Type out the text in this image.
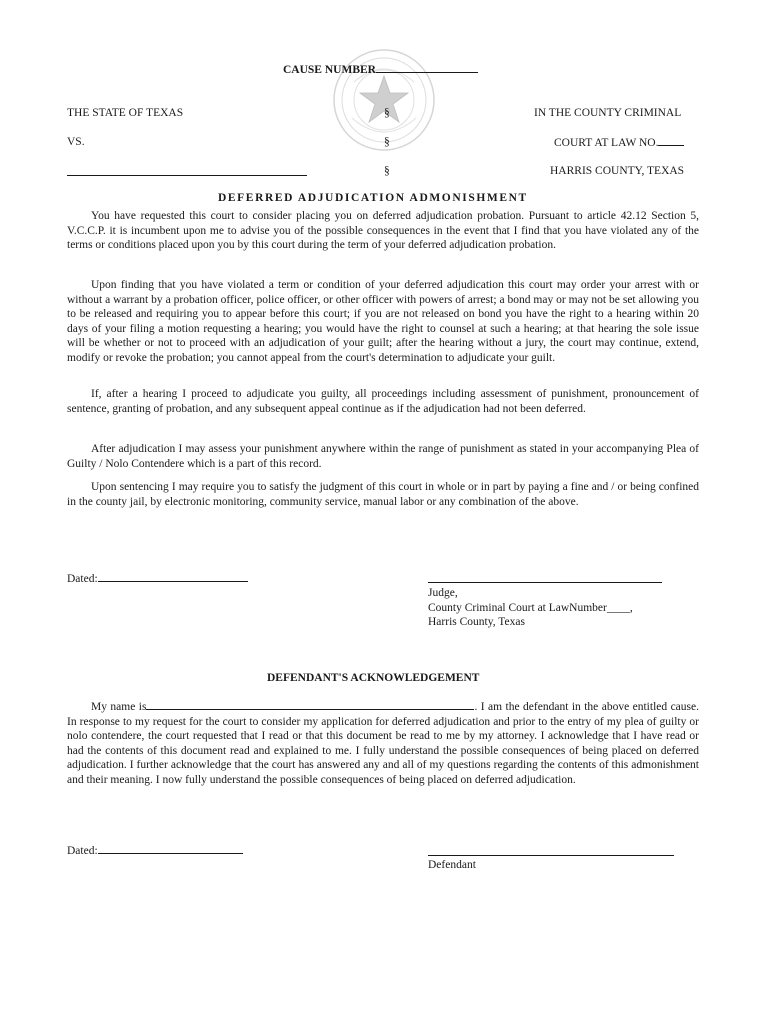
CAUSE NUMBER
THE STATE OF TEXAS
VS.
§
§
§
IN THE COUNTY CRIMINAL
COURT AT LAW NO.
HARRIS COUNTY, TEXAS
DEFERRED ADJUDICATION ADMONISHMENT
You have requested this court to consider placing you on deferred adjudication probation. Pursuant to article 42.12 Section 5, V.C.C.P. it is incumbent upon me to advise you of the possible consequences in the event that I find that you have violated any of the terms or conditions placed upon you by this court during the term of your deferred adjudication probation.
Upon finding that you have violated a term or condition of your deferred adjudication this court may order your arrest with or without a warrant by a probation officer, police officer, or other officer with powers of arrest; a bond may or may not be set allowing you to be released and requiring you to appear before this court; if you are not released on bond you have the right to a hearing within 20 days of your filing a motion requesting a hearing; you would have the right to counsel at such a hearing; at that hearing the sole issue will be whether or not to proceed with an adjudication of your guilt; after the hearing without a jury, the court may continue, extend, modify or revoke the probation; you cannot appeal from the court's determination to adjudicate your guilt.
If, after a hearing I proceed to adjudicate you guilty, all proceedings including assessment of punishment, pronouncement of sentence, granting of probation, and any subsequent appeal continue as if the adjudication had not been deferred.
After adjudication I may assess your punishment anywhere within the range of punishment as stated in your accompanying Plea of Guilty / Nolo Contendere which is a part of this record.
Upon sentencing I may require you to satisfy the judgment of this court in whole or in part by paying a fine and / or being confined in the county jail, by electronic monitoring, community service, manual labor or any combination of the above.
Dated:
Judge,
County Criminal Court at LawNumber____,
Harris County, Texas
DEFENDANT'S ACKNOWLEDGEMENT
My name is	. I am the defendant in the above entitled cause. In response to my request for the court to consider my application for deferred adjudication and prior to the entry of my plea of guilty or nolo contendere, the court requested that I read or that this document be read to me by my attorney. I acknowledge that I have read or had the contents of this document read and explained to me. I fully understand the possible consequences of being placed on deferred adjudication. I further acknowledge that the court has answered any and all of my questions regarding the contents of this admonishment and their meaning. I now fully understand the possible consequences of being placed on deferred adjudication.
Dated:
Defendant
